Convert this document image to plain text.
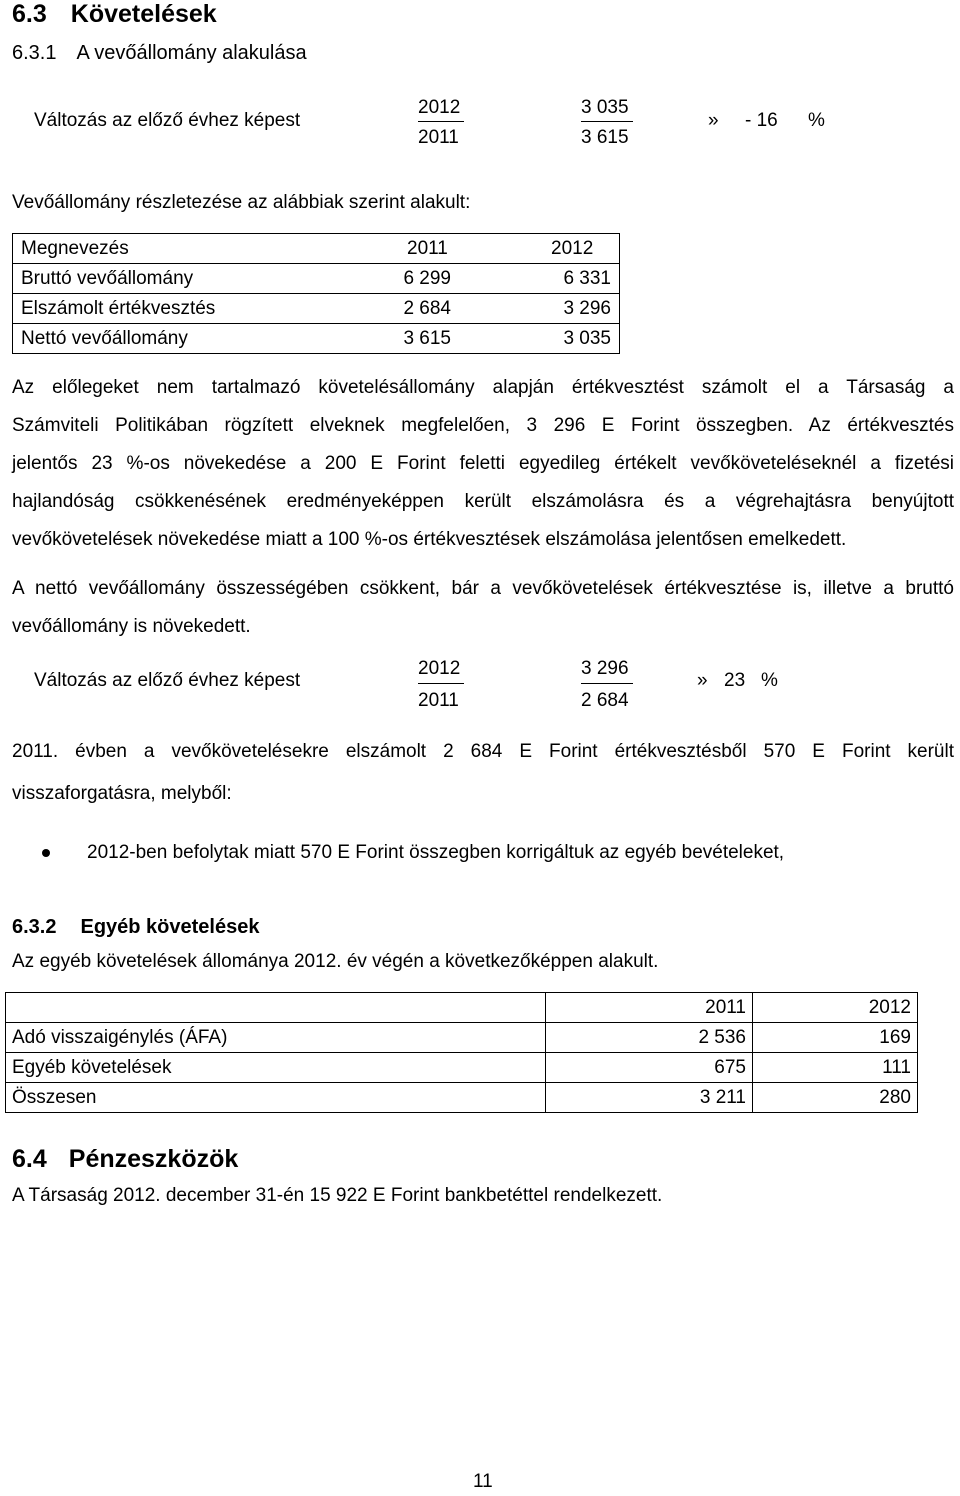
6.3 Követelések
6.3.1 A vevőállomány alakulása
Változás az előző évhez képest
2012
2011
3 035
3 615
» - 16 %
Vevőállomány részletezése az alábbiak szerint alakult:
Megnevezés	2011	2012
Bruttó vevőállomány	6 299	6 331
Elszámolt értékvesztés	2 684	3 296
Nettó vevőállomány	3 615	3 035
Az előlegeket nem tartalmazó követelésállomány alapján értékvesztést számolt el a Társaság a
Számviteli Politikában rögzített elveknek megfelelően, 3 296 E Forint összegben. Az értékvesztés
jelentős 23 %-os növekedése a 200 E Forint feletti egyedileg értékelt vevőköveteléseknél a fizetési
hajlandóság csökkenésének eredményeképpen került elszámolásra és a végrehajtásra benyújtott
vevőkövetelések növekedése miatt a 100 %-os értékvesztések elszámolása jelentősen emelkedett.
A nettó vevőállomány összességében csökkent, bár a vevőkövetelések értékvesztése is, illetve a bruttó
vevőállomány is növekedett.
Változás az előző évhez képest
2012
2011
3 296
2 684
» 23 %
2011. évben a vevőkövetelésekre elszámolt 2 684 E Forint értékvesztésből 570 E Forint került
visszaforgatásra, melyből:
2012-ben befolytak miatt 570 E Forint összegben korrigáltuk az egyéb bevételeket,
6.3.2 Egyéb követelések
Az egyéb követelések állománya 2012. év végén a következőképpen alakult.
	2011	2012
Adó visszaigénylés (ÁFA)	2 536	169
Egyéb követelések	675	111
Összesen	3 211	280
6.4 Pénzeszközök
A Társaság 2012. december 31-én 15 922 E Forint bankbetéttel rendelkezett.
11
